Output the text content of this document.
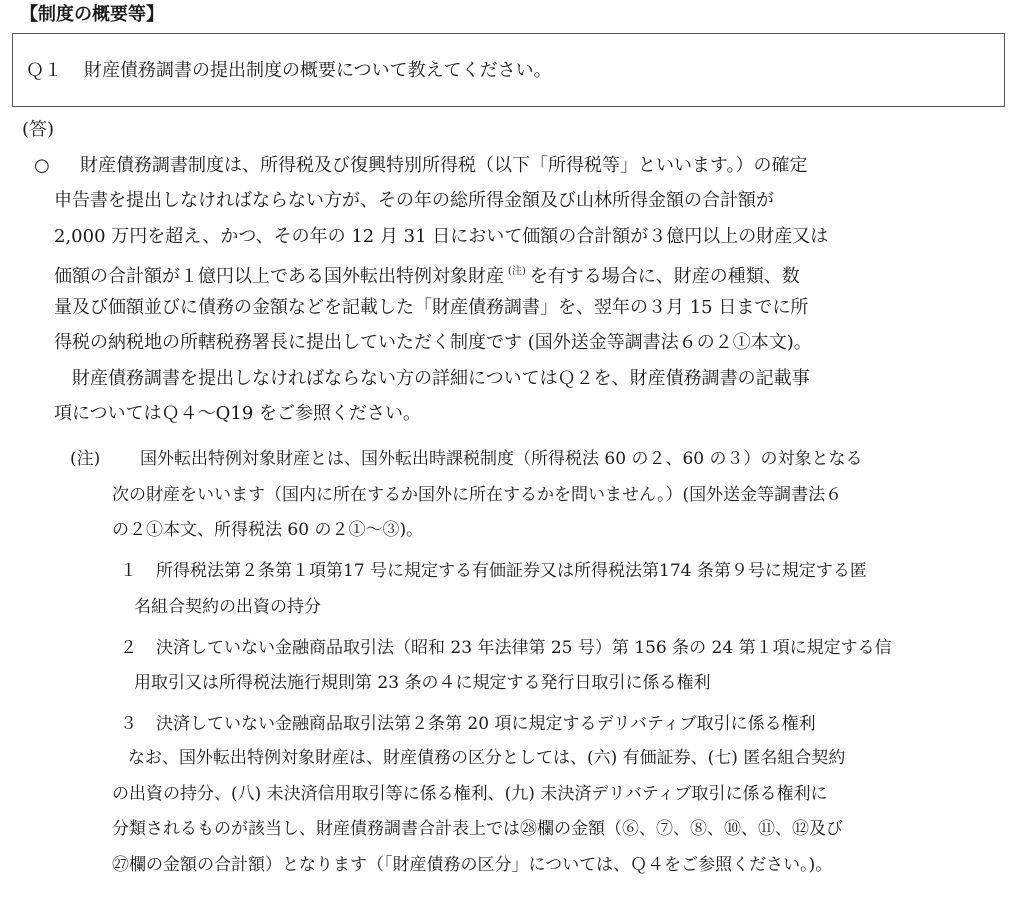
【制度の概要等】
Ｑ１ 財産債務調書の提出制度の概要について教えてください。
(答)
○ 財産債務調書制度は、所得税及び復興特別所得税（以下「所得税等」といいます。）の確定
申告書を提出しなければならない方が、その年の総所得金額及び山林所得金額の合計額が
2,000 万円を超え、かつ、その年の 12 月 31 日において価額の合計額が３億円以上の財産又は
価額の合計額が１億円以上である国外転出特例対象財産 $^{(注)}$ を有する場合に、財産の種類、数
量及び価額並びに債務の金額などを記載した「財産債務調書」を、翌年の３月 15 日までに所
得税の納税地の所轄税務署長に提出していただく制度です (国外送金等調書法６の２①本文)。
財産債務調書を提出しなければならない方の詳細についてはＱ２を、財産債務調書の記載事
項についてはＱ４～Q19 をご参照ください。
(注) 国外転出特例対象財産とは、国外転出時課税制度（所得税法 60 の２、60 の３）の対象となる
次の財産をいいます（国内に所在するか国外に所在するかを問いません。）(国外送金等調書法６
の２①本文、所得税法 60 の２①～③)。
１ 所得税法第２条第１項第17 号に規定する有価証券又は所得税法第174 条第９号に規定する匿
名組合契約の出資の持分
２ 決済していない金融商品取引法（昭和 23 年法律第 25 号）第 156 条の 24 第１項に規定する信
用取引又は所得税法施行規則第 23 条の４に規定する発行日取引に係る権利
３ 決済していない金融商品取引法第２条第 20 項に規定するデリバティブ取引に係る権利
なお、国外転出特例対象財産は、財産債務の区分としては、(六) 有価証券、(七) 匿名組合契約
の出資の持分、(八) 未決済信用取引等に係る権利、(九) 未決済デリバティブ取引に係る権利に
分類されるものが該当し、財産債務調書合計表上では㉘欄の金額（⑥、⑦、⑧、⑩、⑪、⑫及び
㉗欄の金額の合計額）となります（「財産債務の区分」については、Ｑ４をご参照ください。)。
